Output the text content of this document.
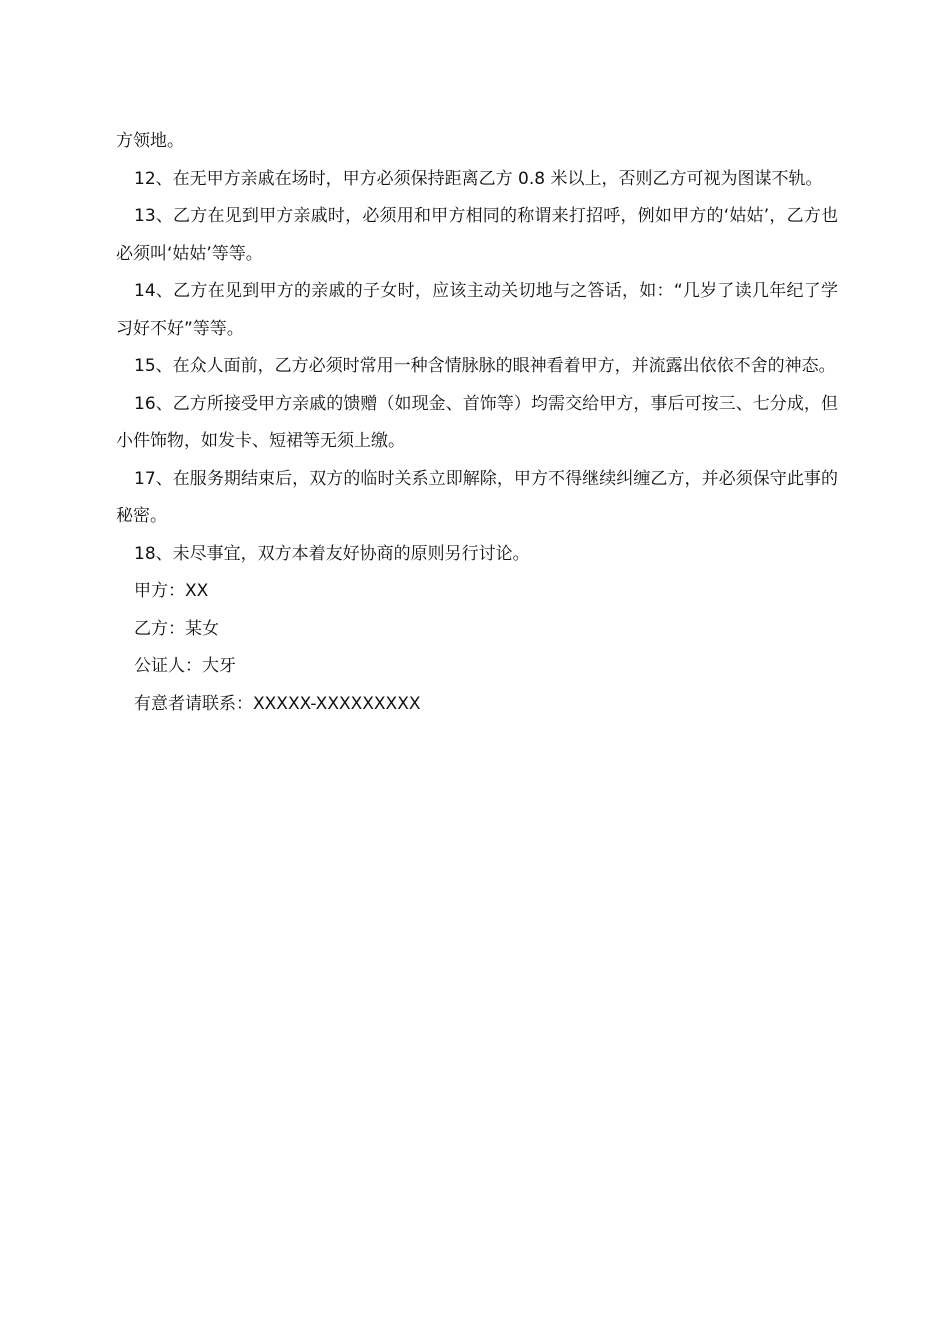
方领地。

12、在无甲方亲戚在场时，甲方必须保持距离乙方 0.8 米以上，否则乙方可视为图谋不轨。

13、乙方在见到甲方亲戚时，必须用和甲方相同的称谓来打招呼，例如甲方的‘姑姑’，乙方也必须叫‘姑姑’等等。

14、乙方在见到甲方的亲戚的子女时，应该主动关切地与之答话，如：“几岁了读几年纪了学习好不好”等等。

15、在众人面前，乙方必须时常用一种含情脉脉的眼神看着甲方，并流露出依依不舍的神态。

16、乙方所接受甲方亲戚的馈赠（如现金、首饰等）均需交给甲方，事后可按三、七分成，但小件饰物，如发卡、短裙等无须上缴。

17、在服务期结束后，双方的临时关系立即解除，甲方不得继续纠缠乙方，并必须保守此事的秘密。

18、未尽事宜，双方本着友好协商的原则另行讨论。

甲方：XX

乙方：某女

公证人：大牙

有意者请联系：XXXXX-XXXXXXXXX
